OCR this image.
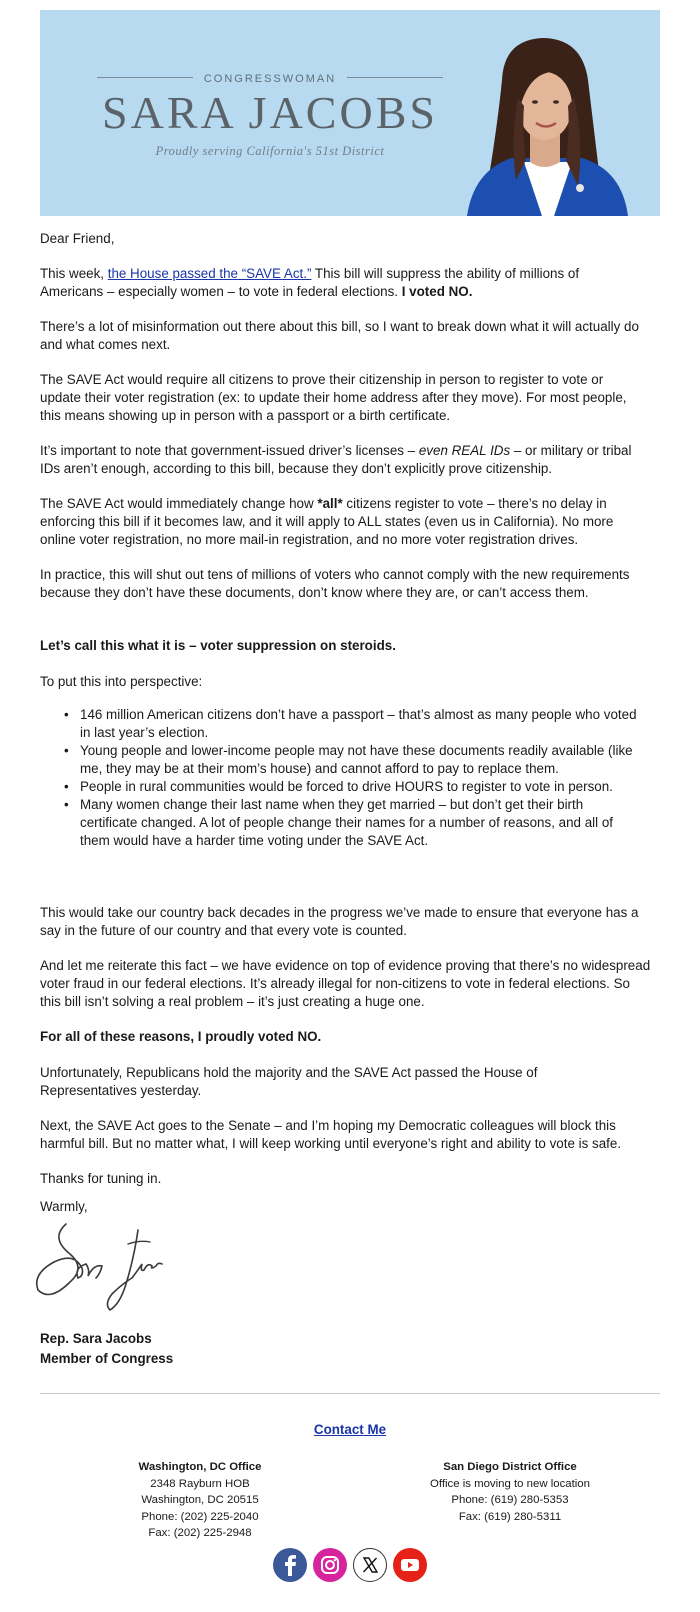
CONGRESSWOMAN
SARA JACOBS
Proudly serving California's 51st District

Dear Friend,

This week, the House passed the “SAVE Act.” This bill will suppress the ability of millions of Americans – especially women – to vote in federal elections. I voted NO.

There’s a lot of misinformation out there about this bill, so I want to break down what it will actually do and what comes next.

The SAVE Act would require all citizens to prove their citizenship in person to register to vote or update their voter registration (ex: to update their home address after they move). For most people, this means showing up in person with a passport or a birth certificate.

It’s important to note that government-issued driver’s licenses – even REAL IDs – or military or tribal IDs aren’t enough, according to this bill, because they don’t explicitly prove citizenship.

The SAVE Act would immediately change how *all* citizens register to vote – there’s no delay in enforcing this bill if it becomes law, and it will apply to ALL states (even us in California). No more online voter registration, no more mail-in registration, and no more voter registration drives.

In practice, this will shut out tens of millions of voters who cannot comply with the new requirements because they don’t have these documents, don’t know where they are, or can’t access them.

Let’s call this what it is – voter suppression on steroids.

To put this into perspective:

• 146 million American citizens don’t have a passport – that’s almost as many people who voted in last year’s election.
• Young people and lower-income people may not have these documents readily available (like me, they may be at their mom’s house) and cannot afford to pay to replace them.
• People in rural communities would be forced to drive HOURS to register to vote in person.
• Many women change their last name when they get married – but don’t get their birth certificate changed. A lot of people change their names for a number of reasons, and all of them would have a harder time voting under the SAVE Act.

This would take our country back decades in the progress we’ve made to ensure that everyone has a say in the future of our country and that every vote is counted.

And let me reiterate this fact – we have evidence on top of evidence proving that there’s no widespread voter fraud in our federal elections. It’s already illegal for non-citizens to vote in federal elections. So this bill isn’t solving a real problem – it’s just creating a huge one.

For all of these reasons, I proudly voted NO.

Unfortunately, Republicans hold the majority and the SAVE Act passed the House of Representatives yesterday.

Next, the SAVE Act goes to the Senate – and I’m hoping my Democratic colleagues will block this harmful bill. But no matter what, I will keep working until everyone’s right and ability to vote is safe.

Thanks for tuning in.

Warmly,

Rep. Sara Jacobs
Member of Congress
Contact Me
Washington, DC Office
2348 Rayburn HOB
Washington, DC 20515
Phone: (202) 225-2040
Fax: (202) 225-2948
San Diego District Office
Office is moving to new location
Phone: (619) 280-5353
Fax: (619) 280-5311
